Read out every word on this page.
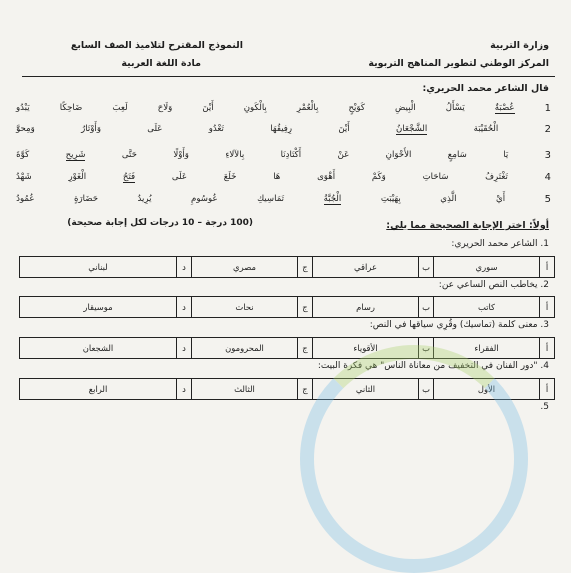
وزارة التربية
المركز الوطني لتطوير المناهج التربوية
النموذج المقترح لتلاميذ الصف السابع
مادة اللغة العربية
قال الشاعر محمد الحريري:
1
عُصْبَةٌ
يَسْأَلُ
الْبِيضِ
كَوَيْحٍ
بِالْعُمْرِ
بِالْكَونِ
أَيْنَ
وَلَاحَ
لَعِبَ
ضَاحِكًا
يَبْدُو
2
الْحُقَيْبَة
الشَّجْعَانُ
أَيْنَ
رِفِيقُهَا
تَعْدُو
عَلَى
وَأَوْتَارُ
وَمِحوَّ
3
يَا
سَامِعٍ
الأَحْوَانِ
عَنْ
أَكْتَادِنَا
بِالآلاءِ
وَأَوْلًا
حَتَّى
شَرِيحِ
كَوَّةَ
4
تَغْتَرِفُ
سَاحَاتِ
وَكَمْ
أَهْوَى
هَا
خَلَعَ
عَلَى
فَتَحُ
الْغَوْرِ
شَهْدُ
5
أَيْ
الَّذِي
بِهَيْبَتِ
الْجُبَّةُ
تَمَاسِيكِ
عُوسُومِ
يُرِيدُ
حَضَارَةٍ
عُمُودُ
أولاً: اختر الإجابة الصحيحة مما يلي:
(100 درجة – 10 درجات لكل إجابة صحيحة)
1. الشاعر محمد الحريري:
أ
سوري
ب
عراقي
ج
مصري
د
لبناني
2. يخاطب النص الساعي عن:
أ
كاتب
ب
رسام
ج
نحات
د
موسيقار
3. معنى كلمة (تماسيك) وقُرِي سياقها في النص:
أ
الفقراء
ب
الأقوياء
ج
المحرومون
د
الشجعان
4. "دور الفنان في التخفيف من معاناة الناس" هي فكرة البيت:
أ
الأول
ب
الثاني
ج
الثالث
د
الرابع
5.
